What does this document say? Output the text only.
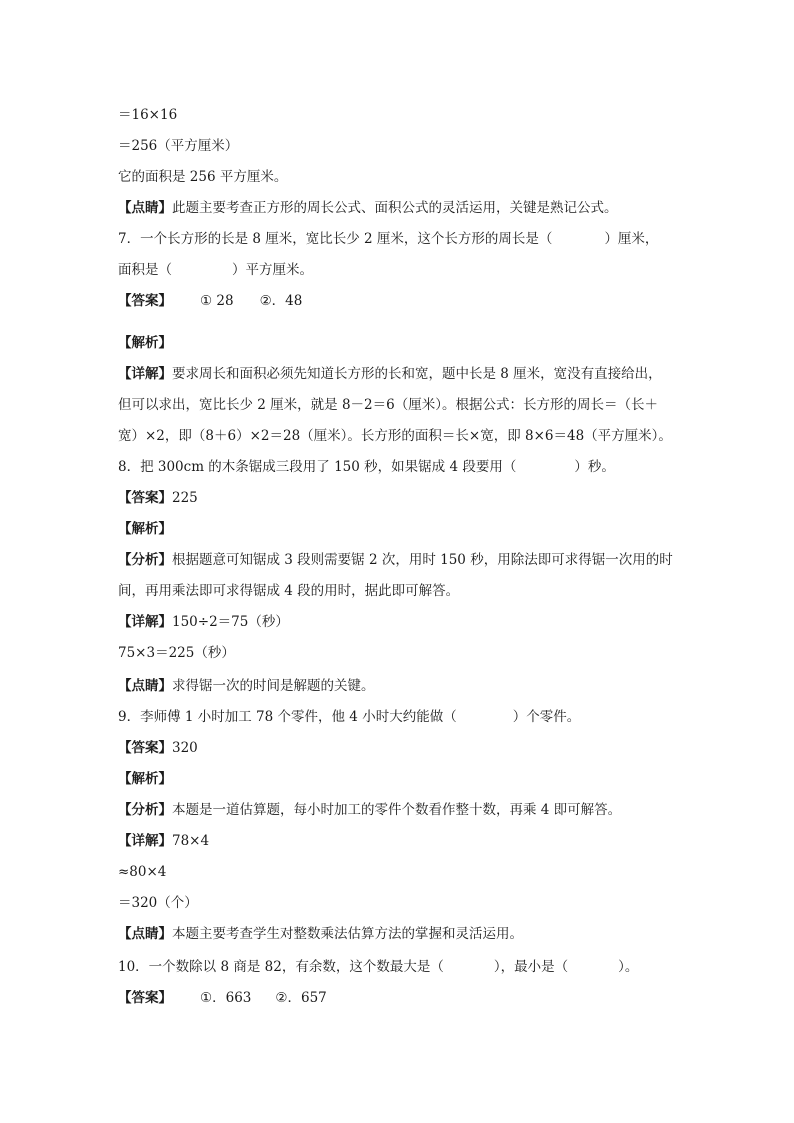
＝16×16
＝256（平方厘米）
它的面积是 256 平方厘米。
【点睛】此题主要考查正方形的周长公式、面积公式的灵活运用，关键是熟记公式。
7．一个长方形的长是 8 厘米，宽比长少 2 厘米，这个长方形的周长是（	）厘米，
面积是（	）平方厘米。
【答案】 ① 28 ②．48
【解析】
【详解】要求周长和面积必须先知道长方形的长和宽，题中长是 8 厘米，宽没有直接给出，
但可以求出，宽比长少 2 厘米，就是 8－2＝6（厘米）。根据公式：长方形的周长＝（长＋
宽）×2，即（8＋6）×2＝28（厘米）。长方形的面积＝长×宽，即 8×6＝48（平方厘米）。
8．把 300cm 的木条锯成三段用了 150 秒，如果锯成 4 段要用（	）秒。
【答案】225
【解析】
【分析】根据题意可知锯成 3 段则需要锯 2 次，用时 150 秒，用除法即可求得锯一次用的时
间，再用乘法即可求得锯成 4 段的用时，据此即可解答。
【详解】150÷2＝75（秒）
75×3＝225（秒）
【点睛】求得锯一次的时间是解题的关键。
9．李师傅 1 小时加工 78 个零件，他 4 小时大约能做（	）个零件。
【答案】320
【解析】
【分析】本题是一道估算题，每小时加工的零件个数看作整十数，再乘 4 即可解答。
【详解】78×4
≈80×4
＝320（个）
【点睛】本题主要考查学生对整数乘法估算方法的掌握和灵活运用。
10．一个数除以 8 商是 82，有余数，这个数最大是（	），最小是（	）。
【答案】 ①．663 ②．657
